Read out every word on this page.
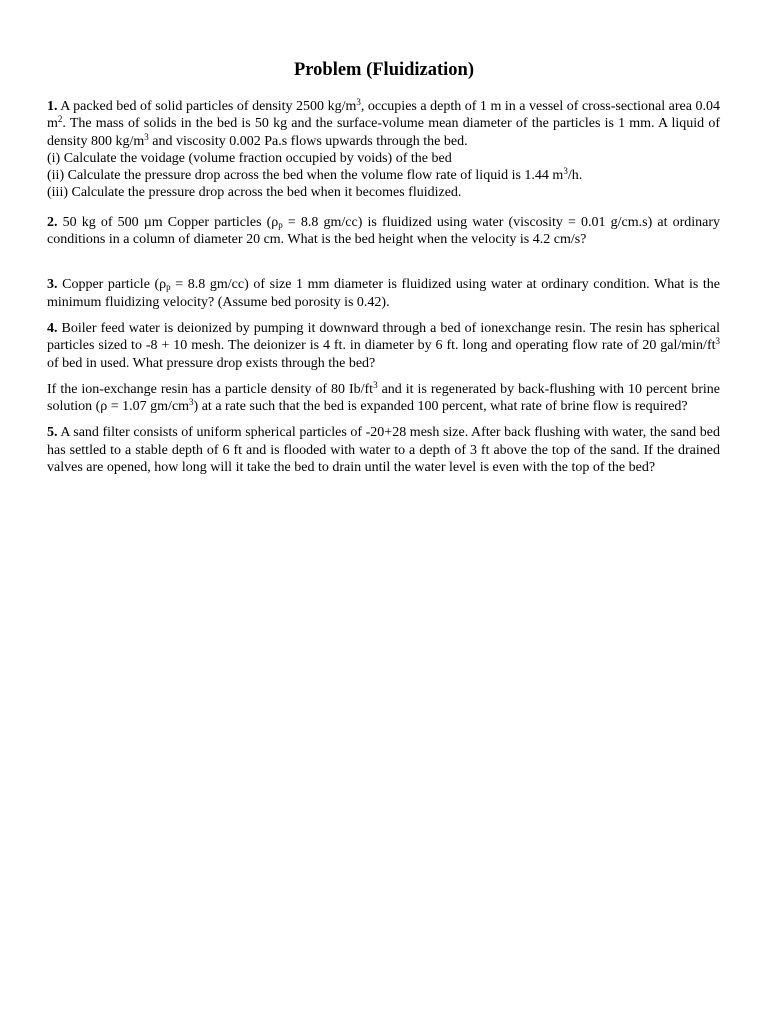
Problem (Fluidization)

1. A packed bed of solid particles of density 2500 $kg/m^3$, occupies a depth of 1 m in a vessel of cross-sectional area 0.04 $m^2$. The mass of solids in the bed is 50 kg and the surface-volume mean diameter of the particles is 1 mm. A liquid of density 800 $kg/m^3$ and viscosity 0.002 Pa.s flows upwards through the bed.

(i) Calculate the voidage (volume fraction occupied by voids) of the bed
(ii) Calculate the pressure drop across the bed when the volume flow rate of liquid is 1.44 $m^3/h$.
(iii) Calculate the pressure drop across the bed when it becomes fluidized.

2. 50 kg of 500 µm Copper particles ($\rho_p = 8.8$ gm/cc) is fluidized using water (viscosity = 0.01 g/cm.s) at ordinary conditions in a column of diameter 20 cm. What is the bed height when the velocity is 4.2 cm/s?

3. Copper particle ($\rho_p = 8.8$ gm/cc) of size 1 mm diameter is fluidized using water at ordinary condition. What is the minimum fluidizing velocity? (Assume bed porosity is 0.42).

4. Boiler feed water is deionized by pumping it downward through a bed of ionexchange resin. The resin has spherical particles sized to -8 + 10 mesh. The deionizer is 4 ft. in diameter by 6 ft. long and operating flow rate of 20 gal/$\min/ft^3$ of bed in used. What pressure drop exists through the bed?

If the ion-exchange resin has a particle density of 80 $Ib/ft^3$ and it is regenerated by back-flushing with 10 percent brine solution (ρ = 1.07 $gm/cm^3$) at a rate such that the bed is expanded 100 percent, what rate of brine flow is required?

5. A sand filter consists of uniform spherical particles of -20+28 mesh size. After back flushing with water, the sand bed has settled to a stable depth of 6 ft and is flooded with water to a depth of 3 ft above the top of the sand. If the drained valves are opened, how long will it take the bed to drain until the water level is even with the top of the bed?
